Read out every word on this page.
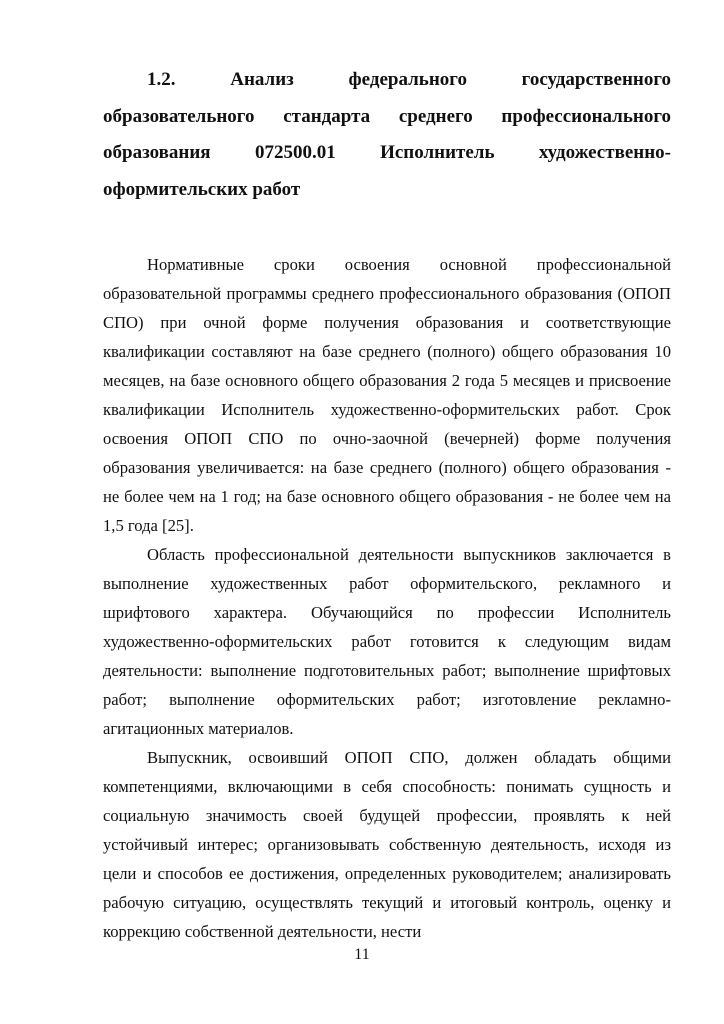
1.2. Анализ федерального государственного образовательного стандарта среднего профессионального образования 072500.01 Исполнитель художественно-оформительских работ

Нормативные сроки освоения основной профессиональной образовательной программы среднего профессионального образования (ОПОП СПО) при очной форме получения образования и соответствующие квалификации составляют на базе среднего (полного) общего образования 10 месяцев, на базе основного общего образования 2 года 5 месяцев и присвоение квалификации Исполнитель художественно-оформительских работ. Срок освоения ОПОП СПО по очно-заочной (вечерней) форме получения образования увеличивается: на базе среднего (полного) общего образования - не более чем на 1 год; на базе основного общего образования - не более чем на 1,5 года [25].

Область профессиональной деятельности выпускников заключается в выполнение художественных работ оформительского, рекламного и шрифтового характера. Обучающийся по профессии Исполнитель художественно-оформительских работ готовится к следующим видам деятельности: выполнение подготовительных работ; выполнение шрифтовых работ; выполнение оформительских работ; изготовление рекламно-агитационных материалов.

Выпускник, освоивший ОПОП СПО, должен обладать общими компетенциями, включающими в себя способность: понимать сущность и социальную значимость своей будущей профессии, проявлять к ней устойчивый интерес; организовывать собственную деятельность, исходя из цели и способов ее достижения, определенных руководителем; анализировать рабочую ситуацию, осуществлять текущий и итоговый контроль, оценку и коррекцию собственной деятельности, нести

11
